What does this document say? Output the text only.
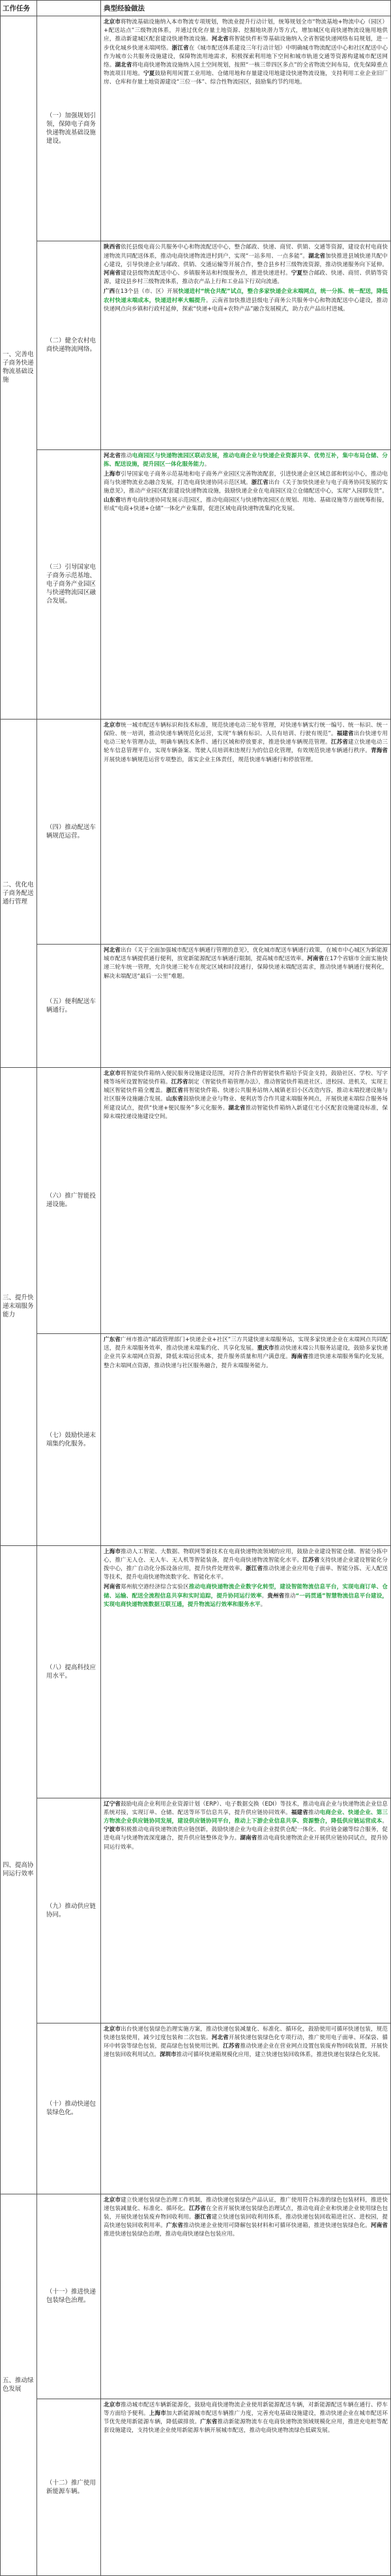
工作任务	典型经验做法
一、完善电子商务快递物流基础设施
（一）加强规划引领，保障电子商务快递物流基础设施建设。

北京市将物流基础设施纳入本市物流专项规划，物流业提升行动计划，统筹规划全市“物流基地+物流中心（园区）+配送站点”三级物流体系，并通过优化存量土地资源、挖掘地块潜力等方式，增加城区电商快递物流设施用地供应，推动新建城区配套建设快递物流设施。河北省将智能快件柜等基础设施纳入全省智能快递网络布局规划，进一步优化城乡快递末端网络。浙江省在《城市配送体系建设三年行动计划》中明确城市物流配送中心和社区配送中心作为城市公共服务设施建设，保障物流用地需求，积极探索利用地下空间和城市轨道交通等资源构建城市配送网络。湖北省将电商快递物流设施纳入国土空间规划，按照“一核三带四区多点”的全省物流空间布局，优先保障重点物流项目用地。宁夏鼓励利用闲置工业用地、仓储用地和存量建设用地建设快递物流设施，支持利用工业企业旧厂房、仓库和存量土地资源建设“三位一体”、综合性物流园区，鼓励集约节约用地。

（二）健全农村电商快递物流网络。

陕西省依托县级电商公共服务中心和物流配送中心，整合邮政、快递、商贸、供销、交通等资源，建设农村电商快递物流共同配送体系，推动电商快递物流进村到户，实现“一站多用、一点多能”。湖北省加快推进县域快递共配中心建设，引导快递企业与邮政、供销、交通运输等开展合作，整合县乡村三级物流资源，推动快递服务向下延伸。河南省建设县级物流配送中心、乡镇服务站和村级服务点，推进快递进村。宁夏整合邮政、快递、商贸、供销等资源，建设县乡村三级物流体系，推动农产品上行和工业品下行双向流通。

广西在13个县（市、区）开展快递进村“统仓共配”试点，整合多家快递企业末端网点，统一分拣、统一配送，降低农村快递末端成本，快递进村率大幅提升。云南省加快推进县级电子商务公共服务中心和物流配送中心建设，推动快递网点向乡镇和行政村延伸，探索“快递+电商+农特产品”融合发展模式，助力农产品出村进城。

（三）引导国家电子商务示范基地、电子商务产业园区与快递物流园区融合发展。

河北省推动电商园区与快递物流园区联动发展，推动电商企业与快递企业资源共享、优势互补，集中布局仓储、分拣、配送设施，提升园区一体化服务能力。

上海市引导国家电子商务示范基地和电子商务产业园区完善物流配套，引进快递企业区域总部和转运中心，推动电商与快递物流业态融合发展，打造电商快递协同示范区域。浙江省出台《关于加快快递业与电子商务协同发展的实施意见》，推动产业园区配套建设快递物流设施，鼓励快递企业在电商园区设立仓储配送中心，实现“入园即发货”。山东省培育电商快递协同发展示范园区，推动电商园区与快递物流园区在规划、用地、基础设施等方面统筹衔接，形成“电商+快递+仓储”一体化产业集群，促进区域电商快递物流集约化发展。

二、优化电子商务配送通行管理
（四）推动配送车辆规范运营。

北京市统一城市配送车辆标识和技术标准，规范快递电动三轮车管理，对快递车辆实行统一编号、统一标识、统一保险、统一培训，推动快递车辆规范化运营，实现“车辆有标识、人员有培训、行驶有规范”。福建省出台快递专用电动三轮车管理办法，明确车辆技术条件、通行区域和停放要求，推进快递车辆规范管理。江苏省建立快递电动三轮车信息管理平台，实现车辆备案、驾驶人员培训和违规行为的信息化管理，有效规范快递车辆通行秩序。青海省开展快递车辆规范运营专项整治，落实企业主体责任，规范快递车辆通行和停放管理。

（五）便利配送车辆通行。

河北省出台《关于全面加强城市配送车辆通行管理的意见》，优化城市配送车辆通行政策，在城市中心城区为新能源城市配送车辆提供通行便利，放宽新能源配送车辆通行限制，提高城市配送效率。河南省在17个省辖市全面实施快递三轮车统一管理，允许快递三轮车在规定区域和时段通行，保障快递末端配送需求，推动快递车辆通行便利化，解决末端配送“最后一公里”难题。

三、提升快递末端服务能力
（六）推广智能投递设施。

北京市将智能快件箱纳入便民服务设施建设范围，对符合条件的智能快件箱给予资金支持，鼓励社区、学校、写字楼等场所设置智能快件箱。江苏省制定《智能快件箱管理办法》，推动智能快件箱进社区、进校园、进机关，实现主城区智能快件箱全覆盖。浙江省将智能快件箱、快递公共服务站纳入城镇老旧小区改造内容，推动末端投递设施与社区服务设施融合发展。山东省鼓励快递企业与物业、便利店等合作共建末端服务网点，开展快递末端综合服务场所建设试点，提供“快递+便民服务”多元化服务。湖北省推动智能快件箱纳入新建住宅小区配套设施建设标准，保障末端投递设施建设空间。

（七）鼓励快递末端集约化服务。

广东省广州市推动“邮政管理部门+快递企业+社区”三方共建快递末端服务站，实现多家快递企业在末端网点共同配送，提升末端服务效率，推动快递末端集约化、共享化发展。重庆市推动快递末端公共服务站建设，鼓励多家快递企业共享末端网点资源，降低末端运营成本，提升服务质量和用户满意度。海南省推进快递末端服务集约化发展，整合末端网点资源，推动快递与社区服务融合，提升末端服务能力。

四、提高协同运行效率
（八）提高科技应用水平。

上海市推动人工智能、大数据、物联网等新技术在电商快递物流领域的应用，鼓励企业建设智能仓储、智能分拣中心，推广无人仓、无人车、无人机等智能装备，提升电商快递物流智能化水平。江苏省支持快递企业建设智能化分拨中心，推广自动化分拣设备应用，提升快件处理效率。浙江省推动快递企业应用电子面单、智能分拣、无人配送等技术，提升电商快递物流数字化、智能化水平。

河南省郑州航空港经济综合实验区推动电商快递物流企业数字化转型，建设智能物流信息平台，实现电商订单、仓储、运输、配送全流程信息共享和实时追踪，提升协同运行效率。贵州省推动“一码贯通”智慧物流信息平台建设，实现电商快递物流数据互联互通，提升物流运行效率和服务水平。

（九）推动供应链协同。

辽宁省鼓励电商企业利用企业资源计划（ERP）、电子数据交换（EDI）等技术，推动电商企业与快递物流企业信息系统对接，实现订单、仓储、配送等环节信息共享，提升供应链协同效率。福建省推动电商企业、快递企业、第三方物流企业供应链协同发展，建设供应链协同平台，推动上下游企业信息共享、资源整合，降低供应链运营成本。宁波市积极推动电商快递物流供应链创新，鼓励快递企业为电商企业提供仓配一体化、供应链金融等综合服务，促进电商与快递物流深度融合，提升供应链整体竞争力。湖南省推动电商快递物流企业开展供应链协同试点，提升协同运行效率。

（十）推动快递包装绿色化。

北京市出台快递包装绿色治理实施方案，推动快递包装减量化、标准化、循环化，鼓励使用可循环快递包装，规范快递包装使用，减少过度包装和二次包装。河北省开展快递包装绿色化专项行动，推广使用电子面单、环保袋、循环中转袋等绿色包装，提高绿色包装使用比例。江苏省推动快递企业在营业网点设置包装废弃物回收装置，开展快递包装回收利用试点。深圳市推动可循环快递箱规模化应用，建立快递包装回收体系，推进快递包装绿色化发展。

五、推动绿色发展
（十一）推进快递包装绿色治理。

北京市建立快递包装绿色治理工作机制，推动快递包装绿色产品认证，推广使用符合标准的绿色包装材料，推进快递包装减量化、标准化、循环化。江苏省在全省开展快递包装绿色治理试点，推动电商企业和快递企业使用绿色包装，开展快递包装废弃物回收利用。浙江省建立快递包装回收利用体系，推动快递包装回收箱进社区、进校园，提高快递包装回收利用率。广东省推动快递企业使用可降解包装材料和可循环快递箱，推进快递包装绿色化。河南省推进快递包装绿色治理，推动电商快递绿色包装应用。

（十二）推广使用新能源车辆。

北京市推动城市配送车辆新能源化，鼓励电商快递物流企业使用新能源配送车辆，对新能源配送车辆在通行、停车等方面给予便利。上海市加大新能源城市配送车辆推广力度，完善充电基础设施建设，推动快递企业在城市配送环节优先使用新能源车辆，降低碳排放。广东省推动新能源物流车在电商快递物流领域规模化应用，推进充电桩等配套设施建设，支持快递企业使用新能源车辆开展城市配送，推动电商快递物流绿色低碳发展。
